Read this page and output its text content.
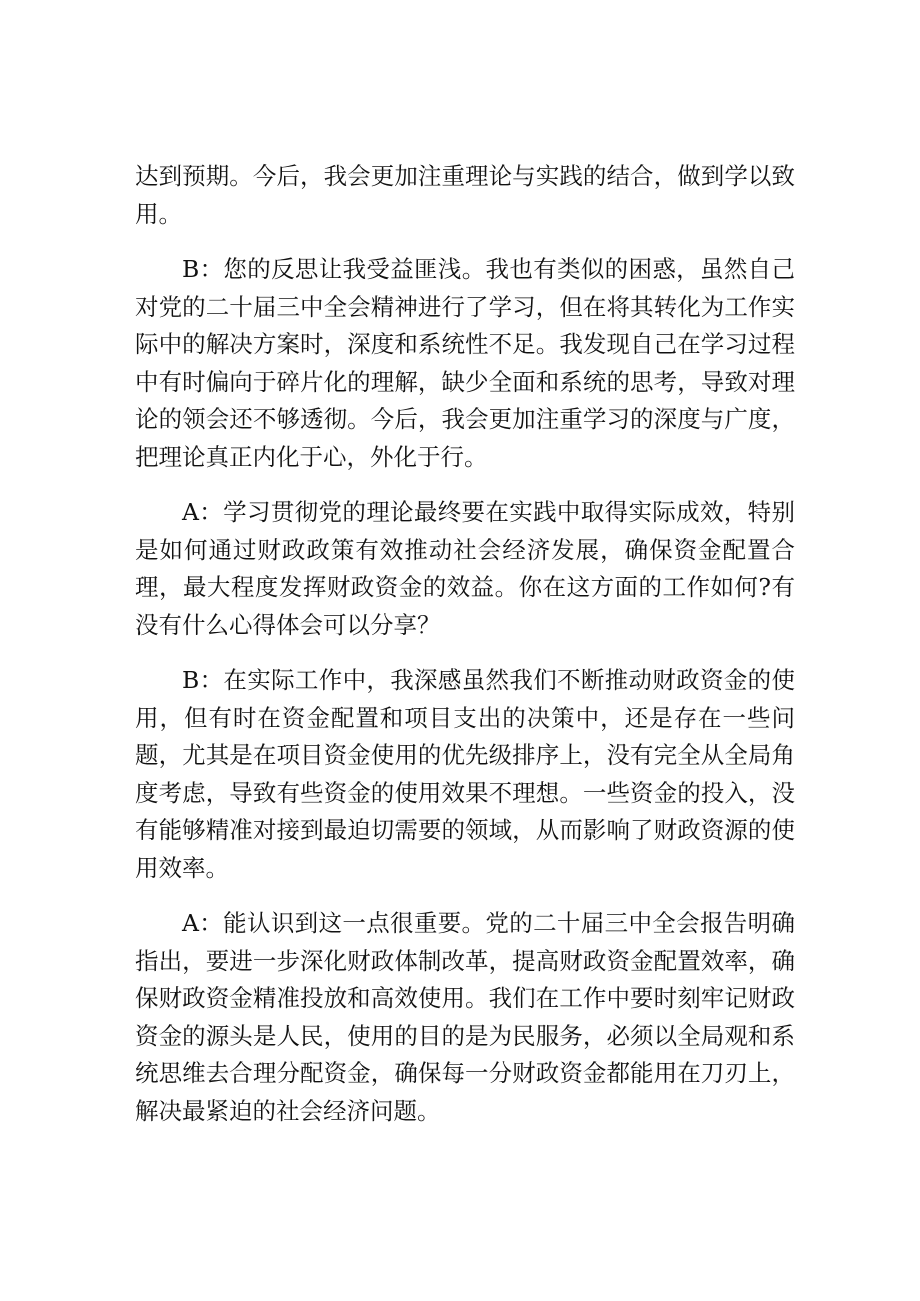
达到预期。今后，我会更加注重理论与实践的结合，做到学以致用。

B：您的反思让我受益匪浅。我也有类似的困惑，虽然自己对党的二十届三中全会精神进行了学习，但在将其转化为工作实际中的解决方案时，深度和系统性不足。我发现自己在学习过程中有时偏向于碎片化的理解，缺少全面和系统的思考，导致对理论的领会还不够透彻。今后，我会更加注重学习的深度与广度，把理论真正内化于心，外化于行。

A：学习贯彻党的理论最终要在实践中取得实际成效，特别是如何通过财政政策有效推动社会经济发展，确保资金配置合理，最大程度发挥财政资金的效益。你在这方面的工作如何?有没有什么心得体会可以分享？

B：在实际工作中，我深感虽然我们不断推动财政资金的使用，但有时在资金配置和项目支出的决策中，还是存在一些问题，尤其是在项目资金使用的优先级排序上，没有完全从全局角度考虑，导致有些资金的使用效果不理想。一些资金的投入，没有能够精准对接到最迫切需要的领域，从而影响了财政资源的使用效率。

A：能认识到这一点很重要。党的二十届三中全会报告明确指出，要进一步深化财政体制改革，提高财政资金配置效率，确保财政资金精准投放和高效使用。我们在工作中要时刻牢记财政资金的源头是人民，使用的目的是为民服务，必须以全局观和系统思维去合理分配资金，确保每一分财政资金都能用在刀刃上，解决最紧迫的社会经济问题。
